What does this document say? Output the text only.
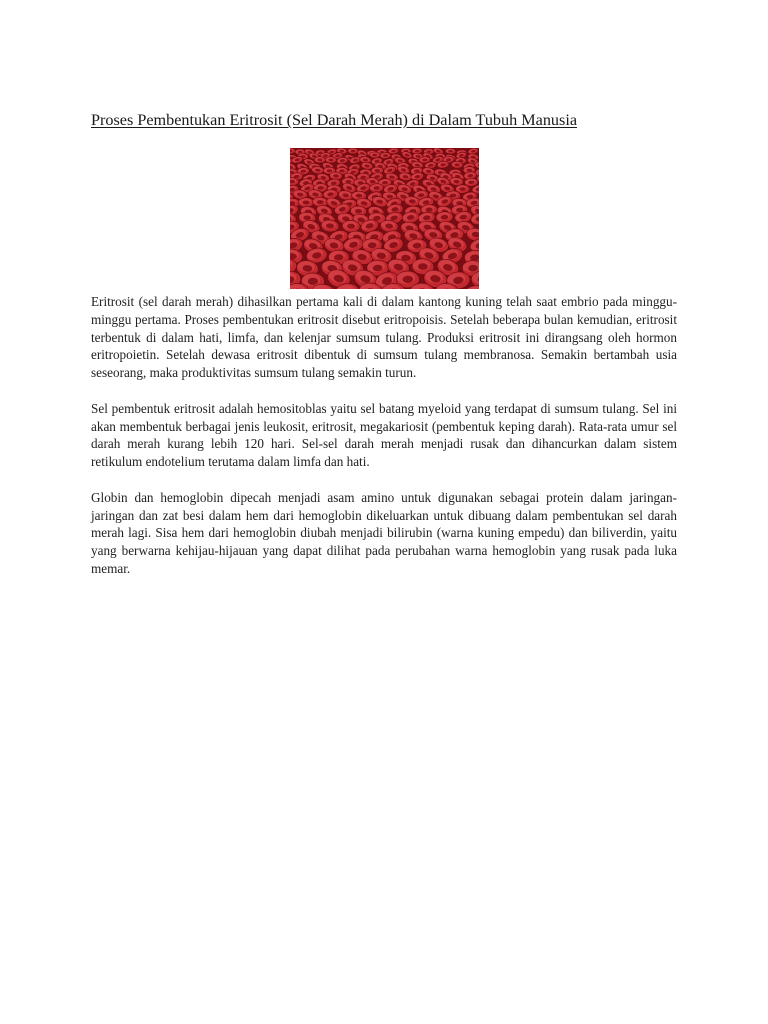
Proses Pembentukan Eritrosit (Sel Darah Merah) di Dalam Tubuh Manusia

Eritrosit (sel darah merah) dihasilkan pertama kali di dalam kantong kuning telah saat embrio pada minggu-minggu pertama. Proses pembentukan eritrosit disebut eritropoisis. Setelah beberapa bulan kemudian, eritrosit terbentuk di dalam hati, limfa, dan kelenjar sumsum tulang. Produksi eritrosit ini dirangsang oleh hormon eritropoietin. Setelah dewasa eritrosit dibentuk di sumsum tulang membranosa. Semakin bertambah usia seseorang, maka produktivitas sumsum tulang semakin turun.

Sel pembentuk eritrosit adalah hemositoblas yaitu sel batang myeloid yang terdapat di sumsum tulang. Sel ini akan membentuk berbagai jenis leukosit, eritrosit, megakariosit (pembentuk keping darah). Rata-rata umur sel darah merah kurang lebih 120 hari. Sel-sel darah merah menjadi rusak dan dihancurkan dalam sistem retikulum endotelium terutama dalam limfa dan hati.

Globin dan hemoglobin dipecah menjadi asam amino untuk digunakan sebagai protein dalam jaringan-jaringan dan zat besi dalam hem dari hemoglobin dikeluarkan untuk dibuang dalam pembentukan sel darah merah lagi. Sisa hem dari hemoglobin diubah menjadi bilirubin (warna kuning empedu) dan biliverdin, yaitu yang berwarna kehijau-hijauan yang dapat dilihat pada perubahan warna hemoglobin yang rusak pada luka memar.
